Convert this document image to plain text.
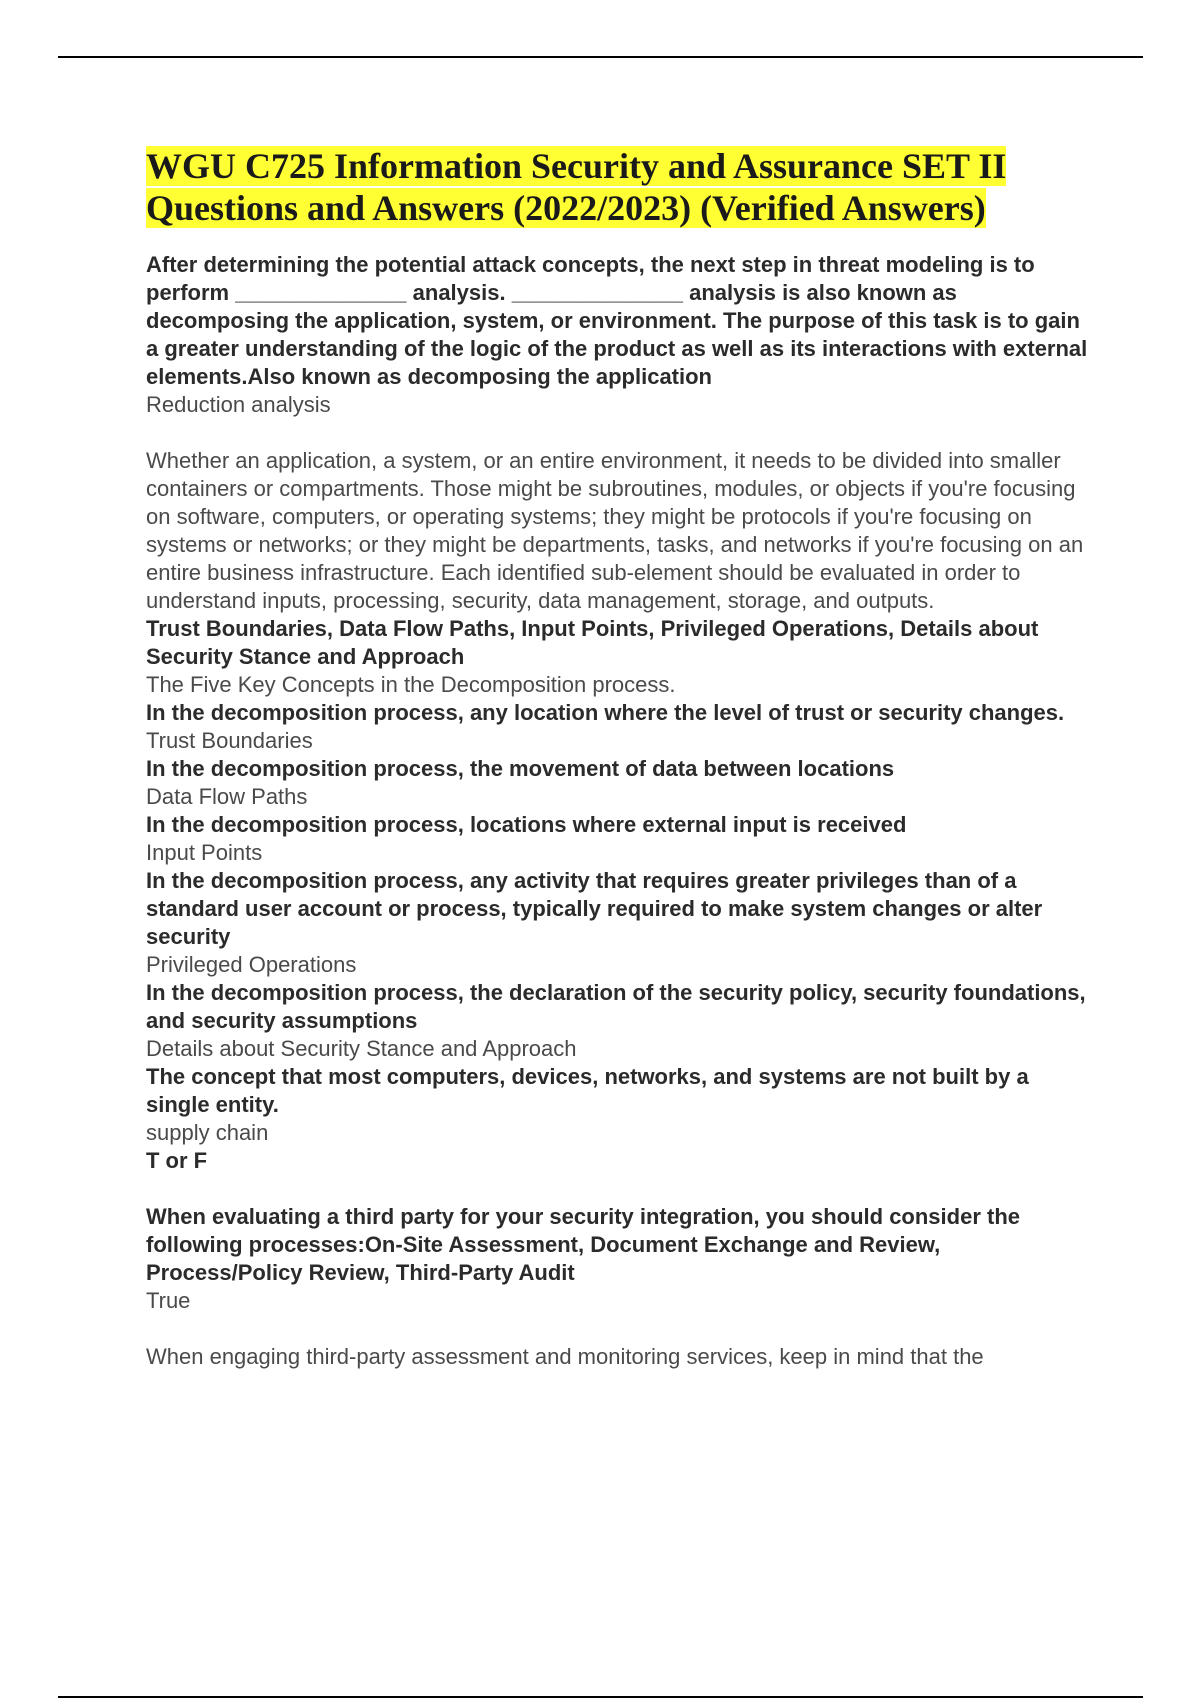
WGU C725 Information Security and Assurance SET II Questions and Answers (2022/2023) (Verified Answers)

After determining the potential attack concepts, the next step in threat modeling is to perform ______________ analysis. ______________ analysis is also known as decomposing the application, system, or environment. The purpose of this task is to gain a greater understanding of the logic of the product as well as its interactions with external elements.Also known as decomposing the application

Reduction analysis

Whether an application, a system, or an entire environment, it needs to be divided into smaller containers or compartments. Those might be subroutines, modules, or objects if you're focusing on software, computers, or operating systems; they might be protocols if you're focusing on systems or networks; or they might be departments, tasks, and networks if you're focusing on an entire business infrastructure. Each identified sub-element should be evaluated in order to understand inputs, processing, security, data management, storage, and outputs.

Trust Boundaries, Data Flow Paths, Input Points, Privileged Operations, Details about Security Stance and Approach

The Five Key Concepts in the Decomposition process.

In the decomposition process, any location where the level of trust or security changes.

Trust Boundaries

In the decomposition process, the movement of data between locations

Data Flow Paths

In the decomposition process, locations where external input is received

Input Points

In the decomposition process, any activity that requires greater privileges than of a standard user account or process, typically required to make system changes or alter security

Privileged Operations

In the decomposition process, the declaration of the security policy, security foundations, and security assumptions

Details about Security Stance and Approach

The concept that most computers, devices, networks, and systems are not built by a single entity.

supply chain

T or F

When evaluating a third party for your security integration, you should consider the following processes:On-Site Assessment, Document Exchange and Review, Process/Policy Review, Third-Party Audit

True

When engaging third-party assessment and monitoring services, keep in mind that the
